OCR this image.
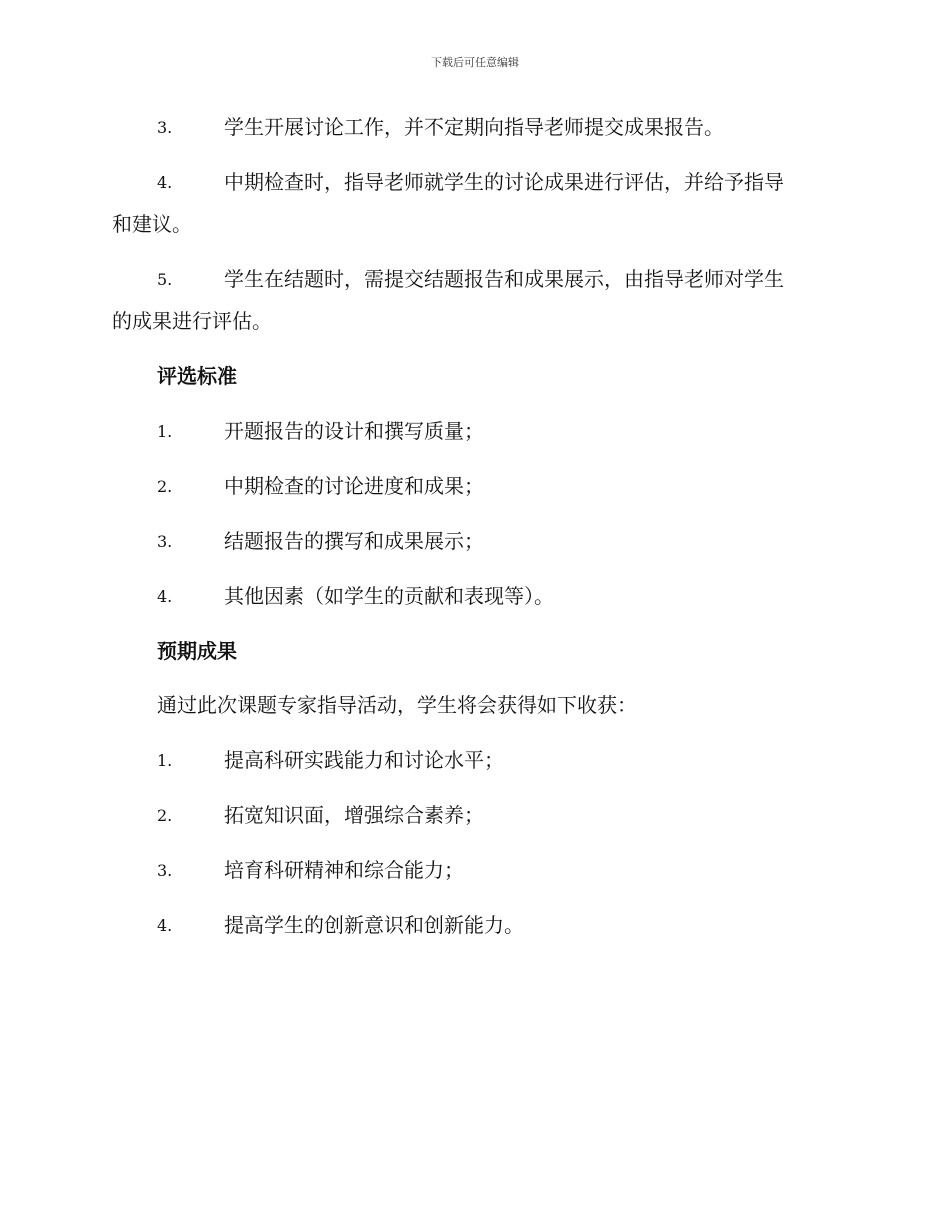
下载后可任意编辑
3.	学生开展讨论工作，并不定期向指导老师提交成果报告。
4.	中期检查时，指导老师就学生的讨论成果进行评估，并给予指导
和建议。
5.	学生在结题时，需提交结题报告和成果展示，由指导老师对学生
的成果进行评估。
评选标准
1.	开题报告的设计和撰写质量；
2.	中期检查的讨论进度和成果；
3.	结题报告的撰写和成果展示；
4.	其他因素（如学生的贡献和表现等）。
预期成果
通过此次课题专家指导活动，学生将会获得如下收获：
1.	提高科研实践能力和讨论水平；
2.	拓宽知识面，增强综合素养；
3.	培育科研精神和综合能力；
4.	提高学生的创新意识和创新能力。
